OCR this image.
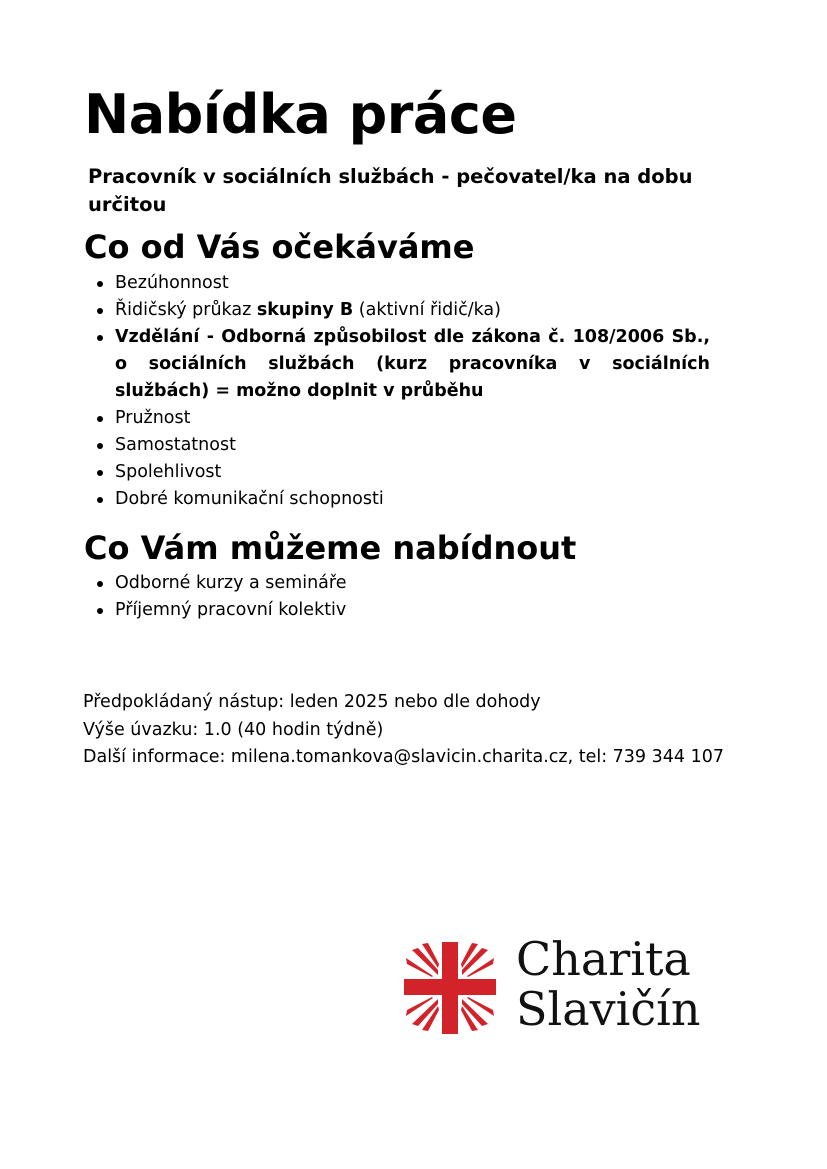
Nabídka práce

Pracovník v sociálních službách - pečovatel/ka na dobu určitou

Co od Vás očekáváme
Bezúhonnost
Řidičský průkaz skupiny B (aktivní řidič/ka)
Vzdělání - Odborná způsobilost dle zákona č. 108/2006 Sb., o sociálních službách (kurz pracovníka v sociálních službách) = možno doplnit v průběhu
Pružnost
Samostatnost
Spolehlivost
Dobré komunikační schopnosti
Co Vám můžeme nabídnout
Odborné kurzy a semináře
Příjemný pracovní kolektiv
Předpokládaný nástup: leden 2025 nebo dle dohody
Výše úvazku: 1.0 (40 hodin týdně)
Další informace: milena.tomankova@slavicin.charita.cz, tel: 739 344 107
Charita
Slavičín
